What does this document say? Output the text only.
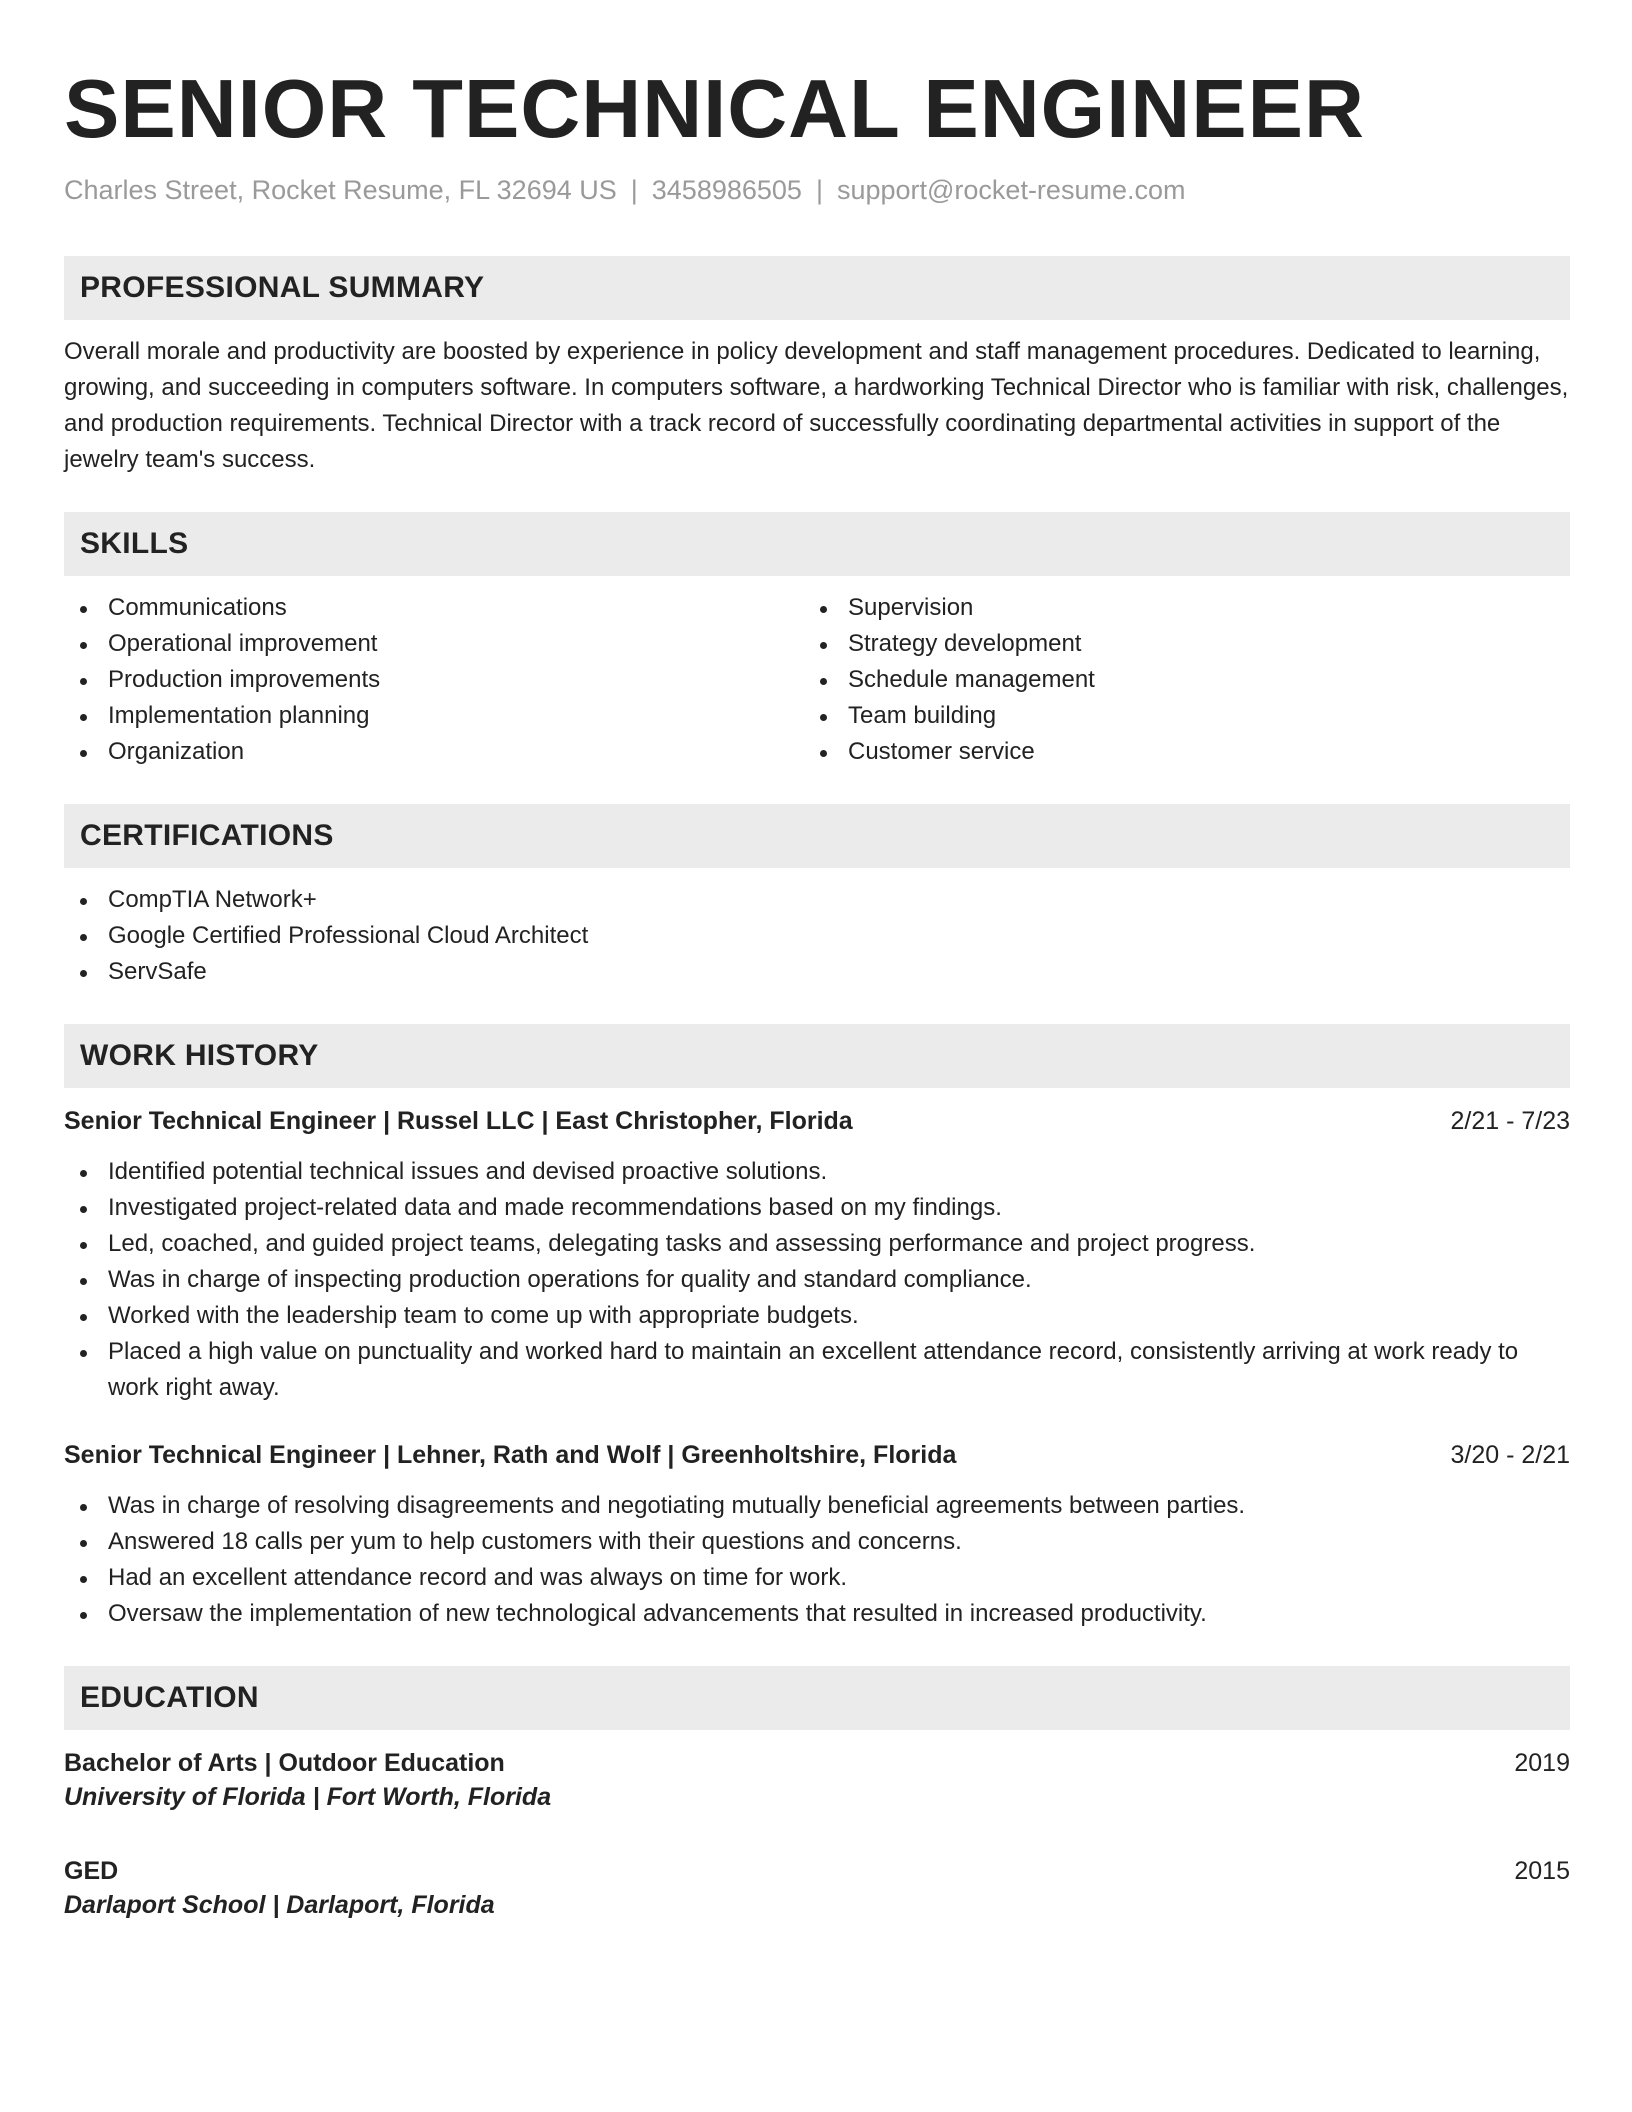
SENIOR TECHNICAL ENGINEER
Charles Street, Rocket Resume, FL 32694 US | 3458986505 | support@rocket-resume.com
PROFESSIONAL SUMMARY
Overall morale and productivity are boosted by experience in policy development and staff management procedures. Dedicated to learning, growing, and succeeding in computers software. In computers software, a hardworking Technical Director who is familiar with risk, challenges, and production requirements. Technical Director with a track record of successfully coordinating departmental activities in support of the jewelry team's success.
SKILLS
Communications
Operational improvement
Production improvements
Implementation planning
Organization
Supervision
Strategy development
Schedule management
Team building
Customer service
CERTIFICATIONS
CompTIA Network+
Google Certified Professional Cloud Architect
ServSafe
WORK HISTORY
Senior Technical Engineer | Russel LLC | East Christopher, Florida	2/21 - 7/23
Identified potential technical issues and devised proactive solutions.
Investigated project-related data and made recommendations based on my findings.
Led, coached, and guided project teams, delegating tasks and assessing performance and project progress.
Was in charge of inspecting production operations for quality and standard compliance.
Worked with the leadership team to come up with appropriate budgets.
Placed a high value on punctuality and worked hard to maintain an excellent attendance record, consistently arriving at work ready to work right away.
Senior Technical Engineer | Lehner, Rath and Wolf | Greenholtshire, Florida	3/20 - 2/21
Was in charge of resolving disagreements and negotiating mutually beneficial agreements between parties.
Answered 18 calls per yum to help customers with their questions and concerns.
Had an excellent attendance record and was always on time for work.
Oversaw the implementation of new technological advancements that resulted in increased productivity.
EDUCATION
Bachelor of Arts | Outdoor Education	2019
University of Florida | Fort Worth, Florida
GED	2015
Darlaport School | Darlaport, Florida
